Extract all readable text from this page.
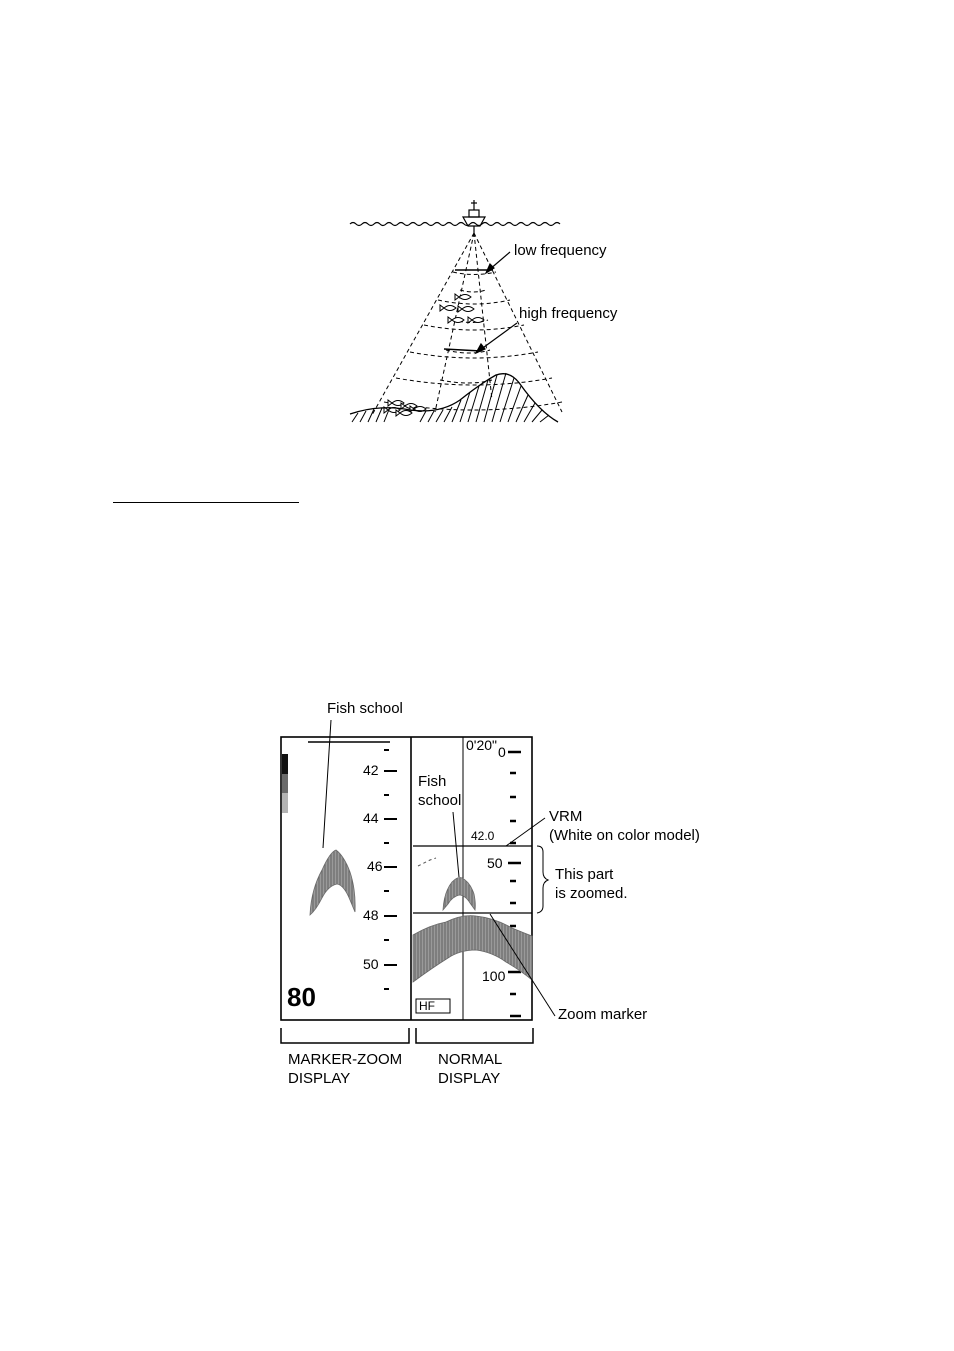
low frequency
high frequency
Fish school
42
44
46
48
50
80
0'20" 0
50
100
42.0
Fish
school
HF
VRM
(White on color model)
This part
is zoomed.
Zoom marker
MARKER-ZOOM
DISPLAY
NORMAL
DISPLAY
